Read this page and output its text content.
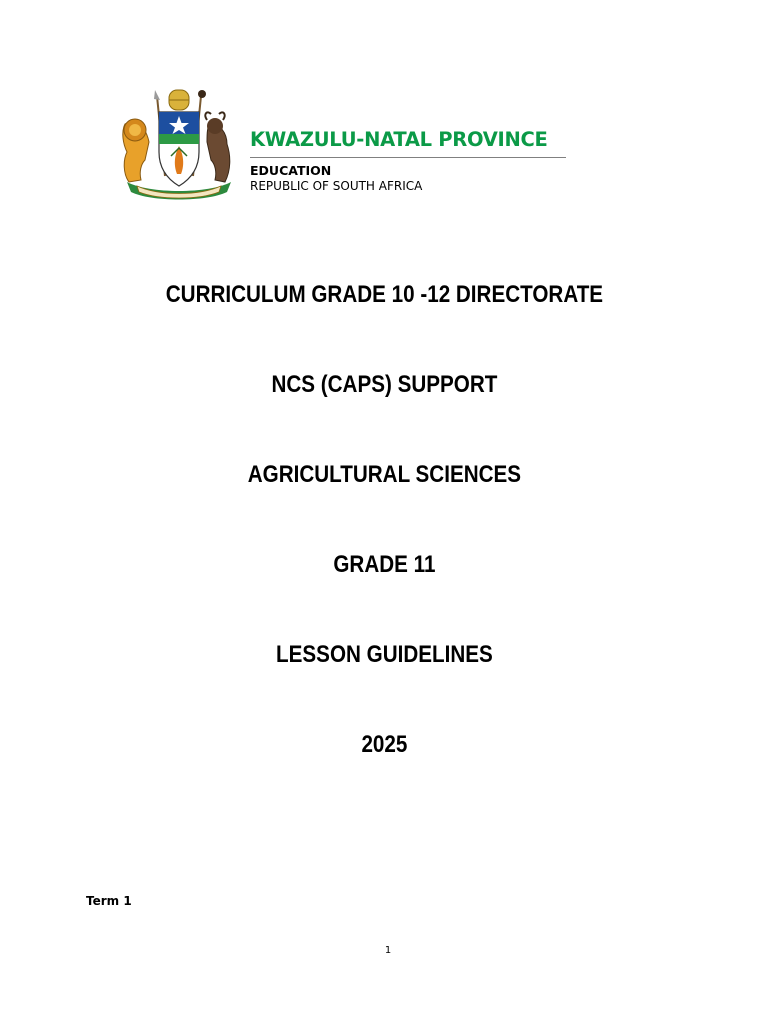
KWAZULU-NATAL PROVINCE
EDUCATION
REPUBLIC OF SOUTH AFRICA
CURRICULUM GRADE 10 -12 DIRECTORATE
NCS (CAPS) SUPPORT
AGRICULTURAL SCIENCES
GRADE 11
LESSON GUIDELINES
2025
Term 1
1
